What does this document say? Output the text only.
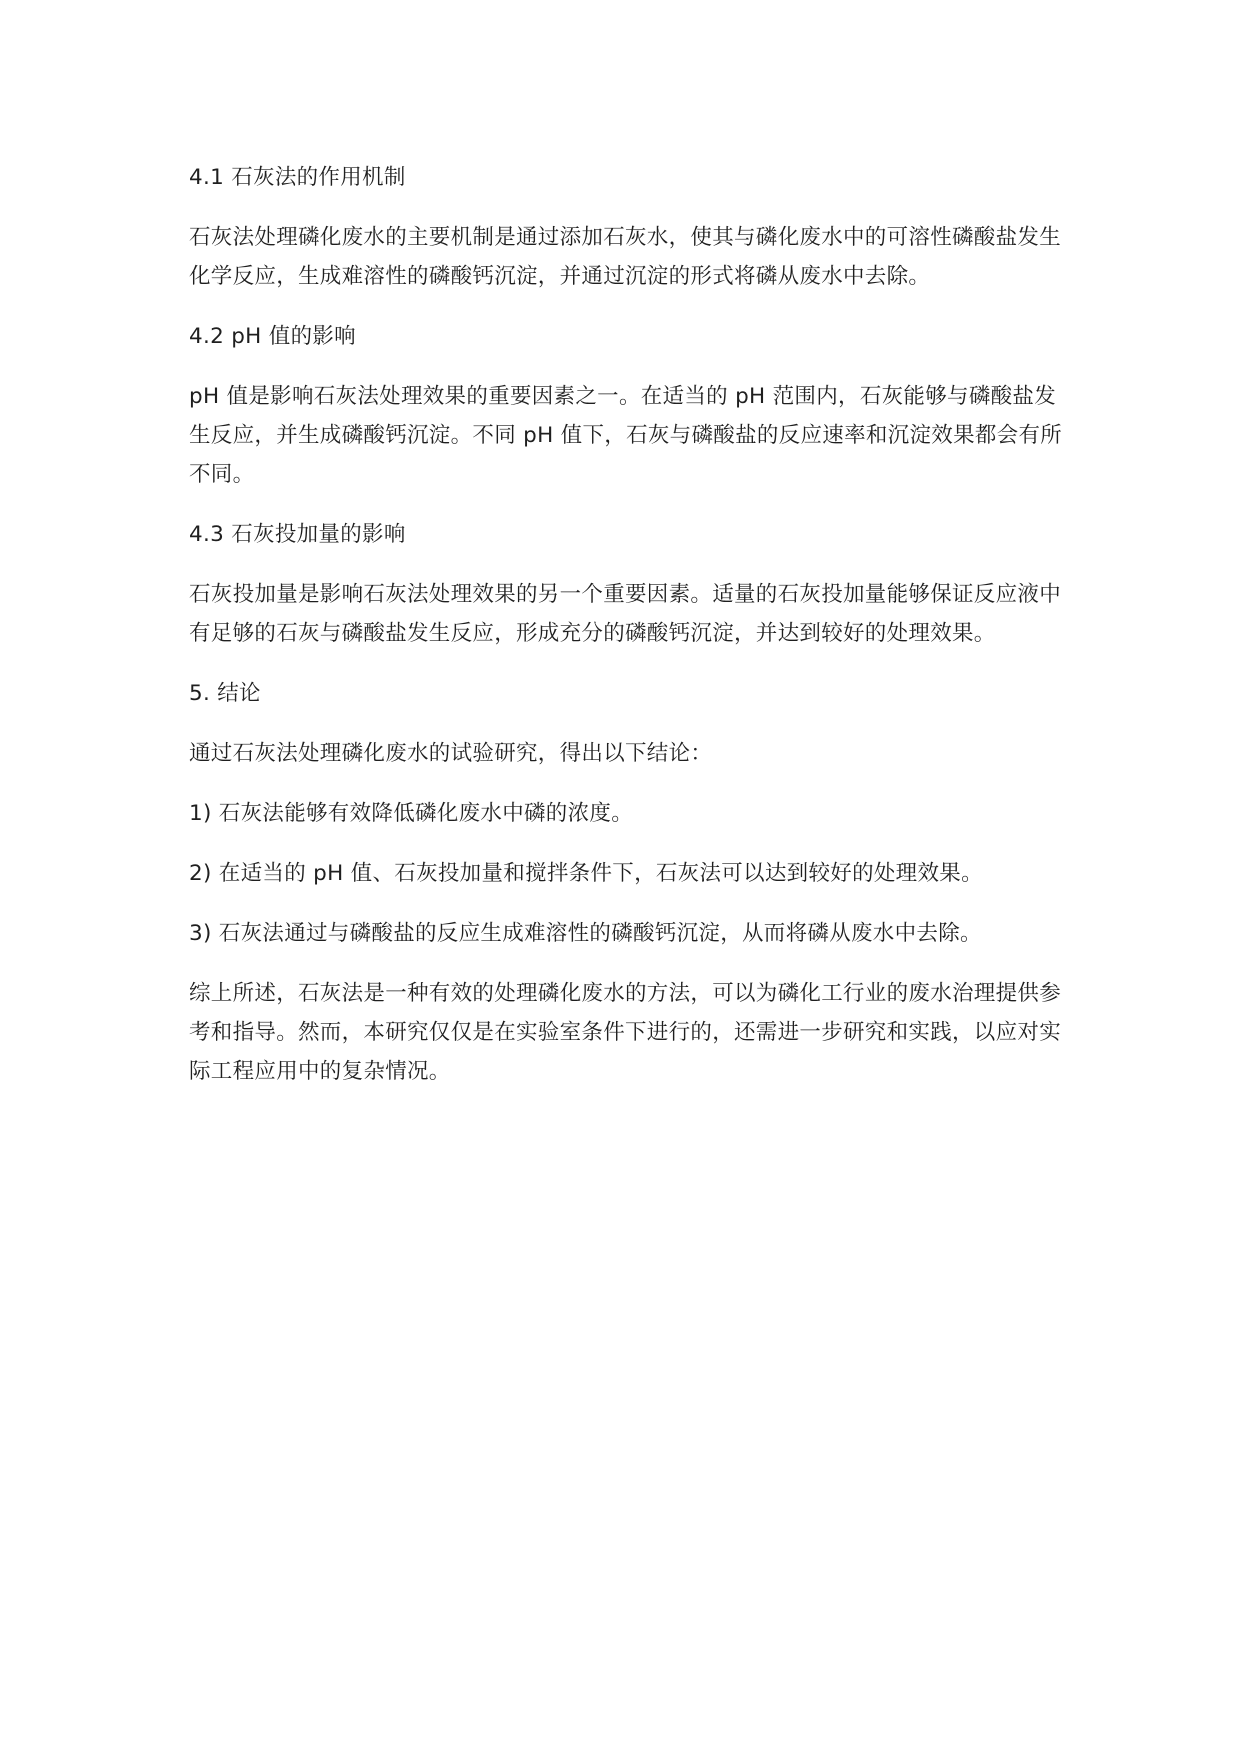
4.1 石灰法的作用机制

石灰法处理磷化废水的主要机制是通过添加石灰水，使其与磷化废水中的可溶性磷酸盐发生化学反应，生成难溶性的磷酸钙沉淀，并通过沉淀的形式将磷从废水中去除。

4.2 pH 值的影响

pH 值是影响石灰法处理效果的重要因素之一。在适当的 pH 范围内，石灰能够与磷酸盐发生反应，并生成磷酸钙沉淀。不同 pH 值下，石灰与磷酸盐的反应速率和沉淀效果都会有所不同。

4.3 石灰投加量的影响

石灰投加量是影响石灰法处理效果的另一个重要因素。适量的石灰投加量能够保证反应液中有足够的石灰与磷酸盐发生反应，形成充分的磷酸钙沉淀，并达到较好的处理效果。

5. 结论

通过石灰法处理磷化废水的试验研究，得出以下结论：

1) 石灰法能够有效降低磷化废水中磷的浓度。

2) 在适当的 pH 值、石灰投加量和搅拌条件下，石灰法可以达到较好的处理效果。

3) 石灰法通过与磷酸盐的反应生成难溶性的磷酸钙沉淀，从而将磷从废水中去除。

综上所述，石灰法是一种有效的处理磷化废水的方法，可以为磷化工行业的废水治理提供参考和指导。然而，本研究仅仅是在实验室条件下进行的，还需进一步研究和实践，以应对实际工程应用中的复杂情况。
